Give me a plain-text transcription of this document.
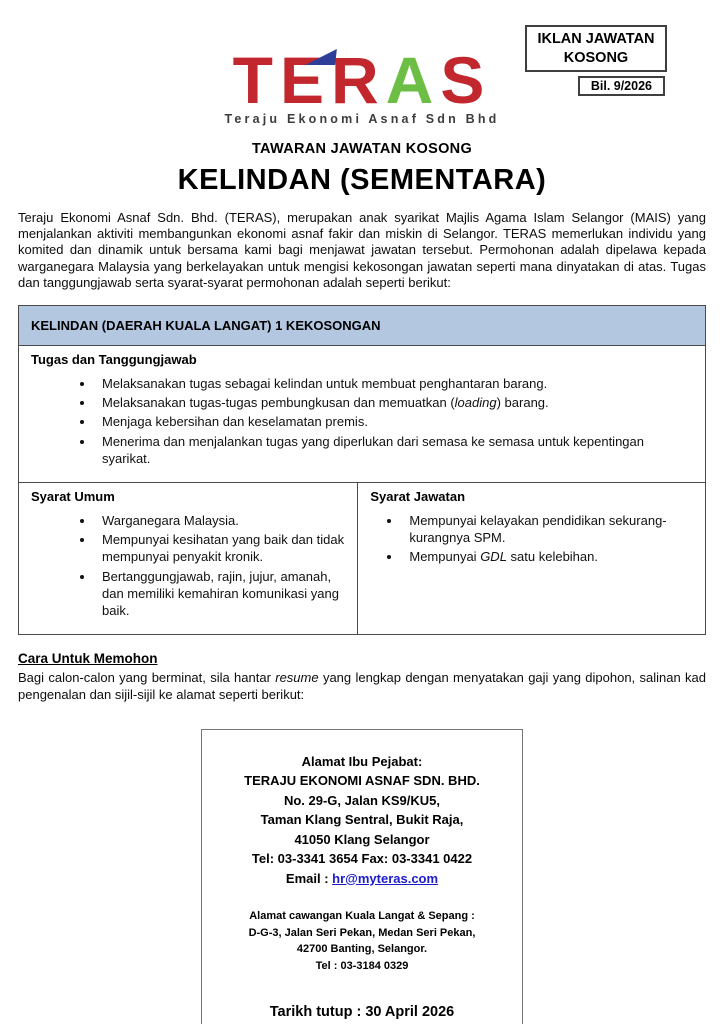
IKLAN JAWATAN KOSONG
Bil. 9/2026
TERAS
Teraju Ekonomi Asnaf Sdn Bhd
TAWARAN JAWATAN KOSONG
KELINDAN (SEMENTARA)

Teraju Ekonomi Asnaf Sdn. Bhd. (TERAS), merupakan anak syarikat Majlis Agama Islam Selangor (MAIS) yang menjalankan aktiviti membangunkan ekonomi asnaf fakir dan miskin di Selangor. TERAS memerlukan individu yang komited dan dinamik untuk bersama kami bagi menjawat jawatan tersebut. Permohonan adalah dipelawa kepada warganegara Malaysia yang berkelayakan untuk mengisi kekosongan jawatan seperti mana dinyatakan di atas. Tugas dan tanggungjawab serta syarat-syarat permohonan adalah seperti berikut:

KELINDAN (DAERAH KUALA LANGAT) 1 KEKOSONGAN

Tugas dan Tanggungjawab
• Melaksanakan tugas sebagai kelindan untuk membuat penghantaran barang.
• Melaksanakan tugas-tugas pembungkusan dan memuatkan (loading) barang.
• Menjaga kebersihan dan keselamatan premis.
• Menerima dan menjalankan tugas yang diperlukan dari semasa ke semasa untuk kepentingan syarikat.

Syarat Umum
• Warganegara Malaysia.
• Mempunyai kesihatan yang baik dan tidak mempunyai penyakit kronik.
• Bertanggungjawab, rajin, jujur, amanah, dan memiliki kemahiran komunikasi yang baik.

Syarat Jawatan
• Mempunyai kelayakan pendidikan sekurang-kurangnya SPM.
• Mempunyai GDL satu kelebihan.
Cara Untuk Memohon

Bagi calon-calon yang berminat, sila hantar resume yang lengkap dengan menyatakan gaji yang dipohon, salinan kad pengenalan dan sijil-sijil ke alamat seperti berikut:

Alamat Ibu Pejabat:
TERAJU EKONOMI ASNAF SDN. BHD.
No. 29-G, Jalan KS9/KU5,
Taman Klang Sentral, Bukit Raja,
41050 Klang Selangor
Tel: 03-3341 3654 Fax: 03-3341 0422
Email : hr@myteras.com
Alamat cawangan Kuala Langat & Sepang :
D-G-3, Jalan Seri Pekan, Medan Seri Pekan,
42700 Banting, Selangor.
Tel : 03-3184 0329
Tarikh tutup : 30 April 2026
